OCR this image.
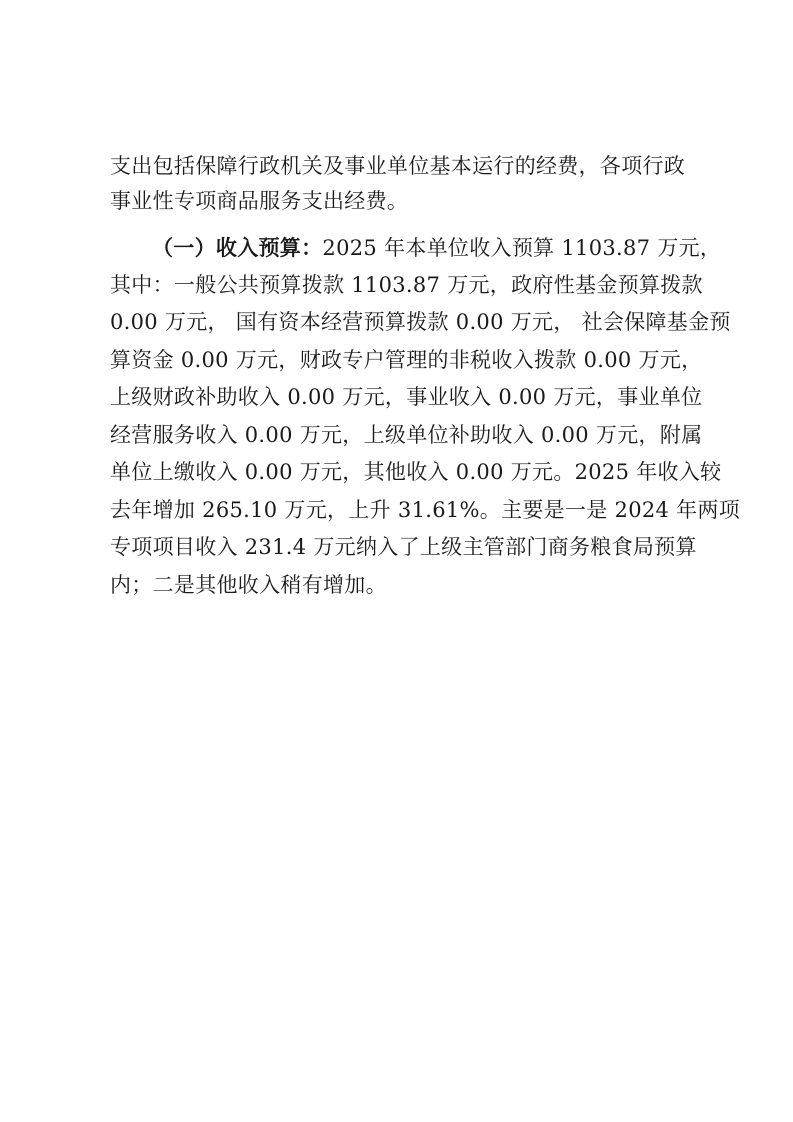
支出包括保障行政机关及事业单位基本运行的经费，各项行政
事业性专项商品服务支出经费。
（一）收入预算：2025 年本单位收入预算 1103.87 万元，
其中：一般公共预算拨款 1103.87 万元，政府性基金预算拨款
0.00 万元， 国有资本经营预算拨款 0.00 万元， 社会保障基金预
算资金 0.00 万元，财政专户管理的非税收入拨款 0.00 万元，
上级财政补助收入 0.00 万元，事业收入 0.00 万元，事业单位
经营服务收入 0.00 万元，上级单位补助收入 0.00 万元，附属
单位上缴收入 0.00 万元，其他收入 0.00 万元。2025 年收入较
去年增加 265.10 万元，上升 31.61%。主要是一是 2024 年两项
专项项目收入 231.4 万元纳入了上级主管部门商务粮食局预算
内；二是其他收入稍有增加。
